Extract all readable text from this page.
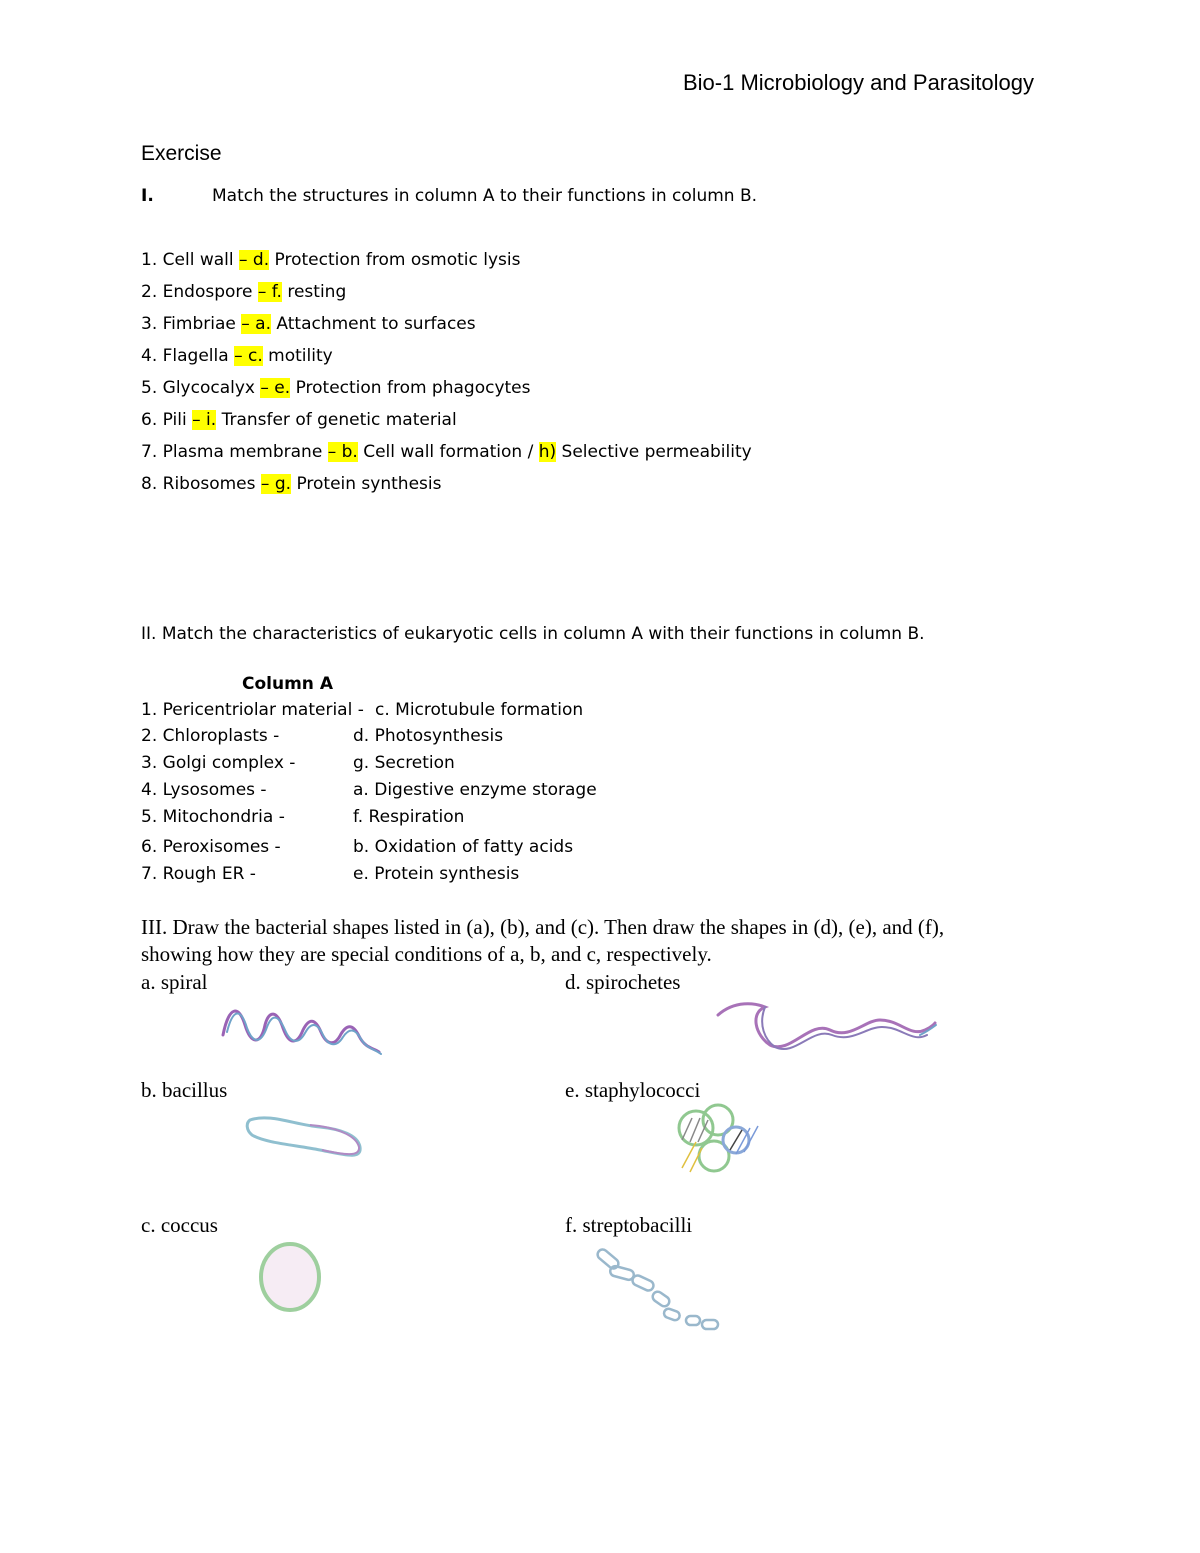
Bio-1 Microbiology and Parasitology
Exercise
I.	Match the structures in column A to their functions in column B.
1. Cell wall – d. Protection from osmotic lysis
2. Endospore – f. resting
3. Fimbriae – a. Attachment to surfaces
4. Flagella – c. motility
5. Glycocalyx – e. Protection from phagocytes
6. Pili – i. Transfer of genetic material
7. Plasma membrane – b. Cell wall formation / h) Selective permeability
8. Ribosomes – g. Protein synthesis
II. Match the characteristics of eukaryotic cells in column A with their functions in column B.
Column A
1. Pericentriolar material - c. Microtubule formation
2. Chloroplasts -	d. Photosynthesis
3. Golgi complex -	g. Secretion
4. Lysosomes -	a. Digestive enzyme storage
5. Mitochondria -	f. Respiration
6. Peroxisomes -	b. Oxidation of fatty acids
7. Rough ER -	e. Protein synthesis
III. Draw the bacterial shapes listed in (a), (b), and (c). Then draw the shapes in (d), (e), and (f),
showing how they are special conditions of a, b, and c, respectively.
a. spiral	d. spirochetes
b. bacillus	e. staphylococci
c. coccus	f. streptobacilli
